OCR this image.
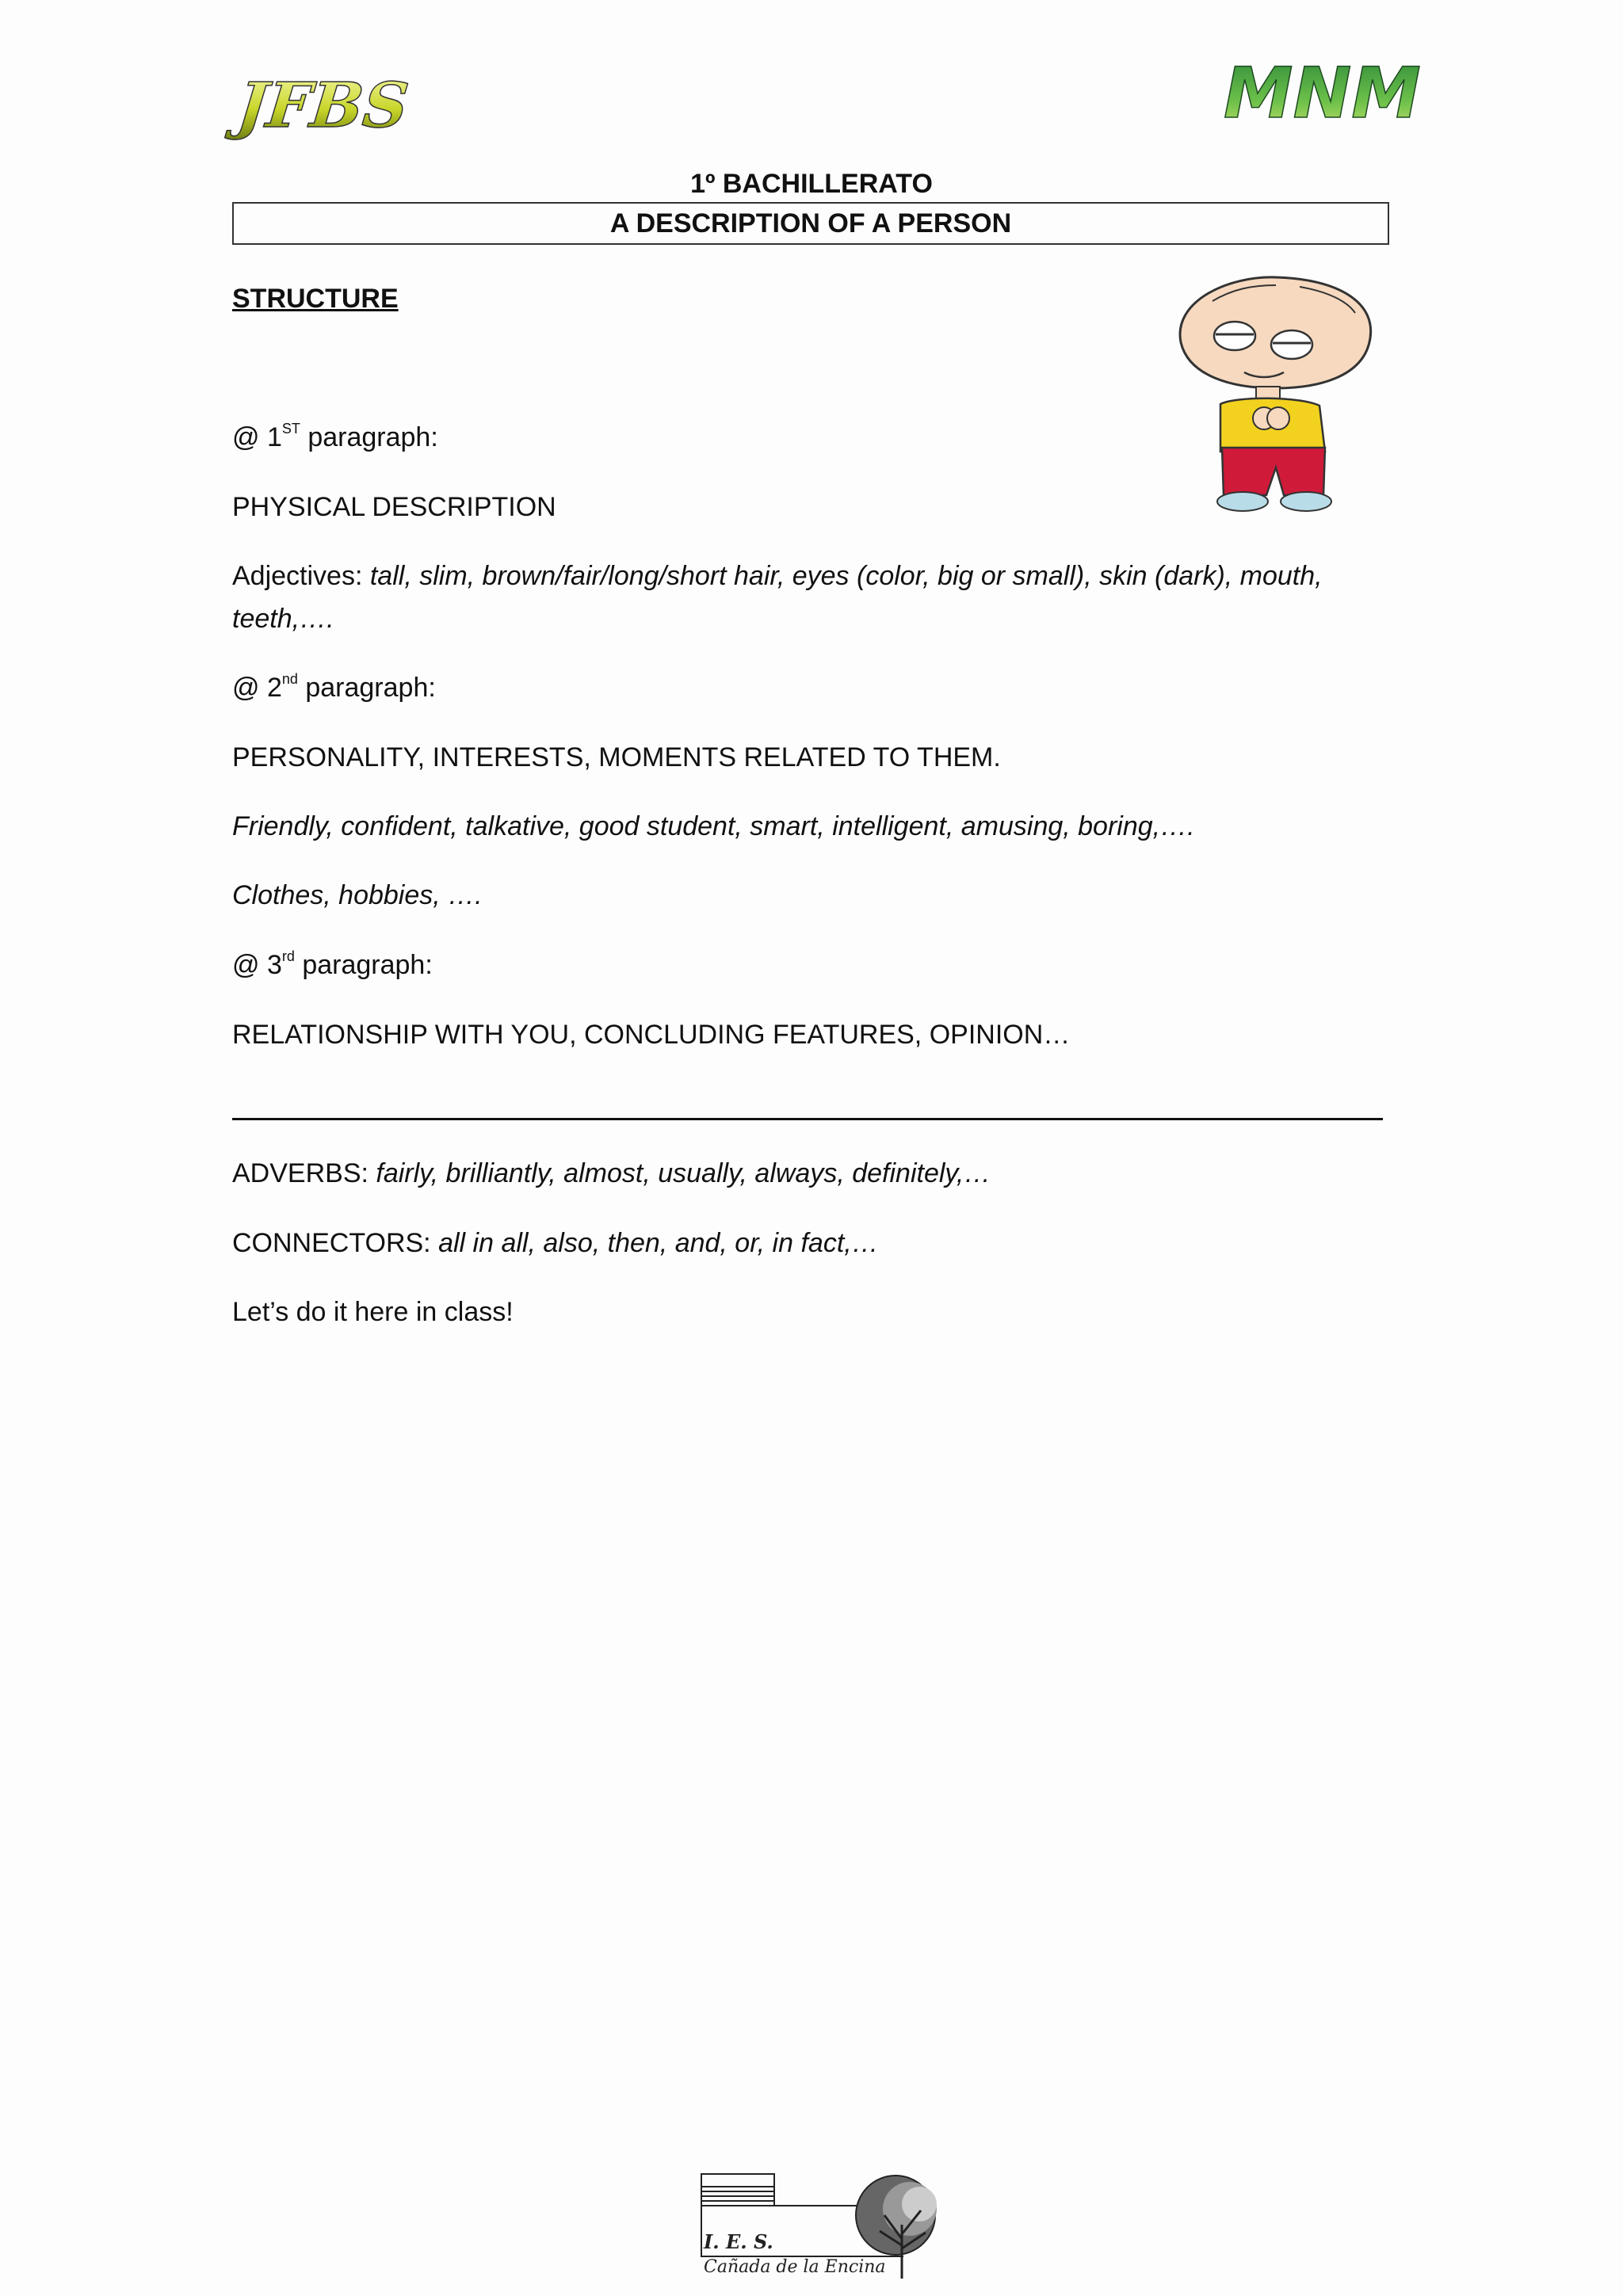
JFBS	MNM
1º BACHILLERATO
A DESCRIPTION OF A PERSON
STRUCTURE
@ 1ST paragraph:
PHYSICAL DESCRIPTION
Adjectives: tall, slim, brown/fair/long/short hair, eyes (color, big or small), skin (dark), mouth, teeth,….
@ 2nd paragraph:
PERSONALITY, INTERESTS, MOMENTS RELATED TO THEM.
Friendly, confident, talkative, good student, smart, intelligent, amusing, boring,….
Clothes, hobbies, ….
@ 3rd paragraph:
RELATIONSHIP WITH YOU, CONCLUDING FEATURES, OPINION…
ADVERBS: fairly, brilliantly, almost, usually, always, definitely,…
CONNECTORS: all in all, also, then, and, or, in fact,…
Let’s do it here in class!
I. E. S.
Cañada de la Encina
